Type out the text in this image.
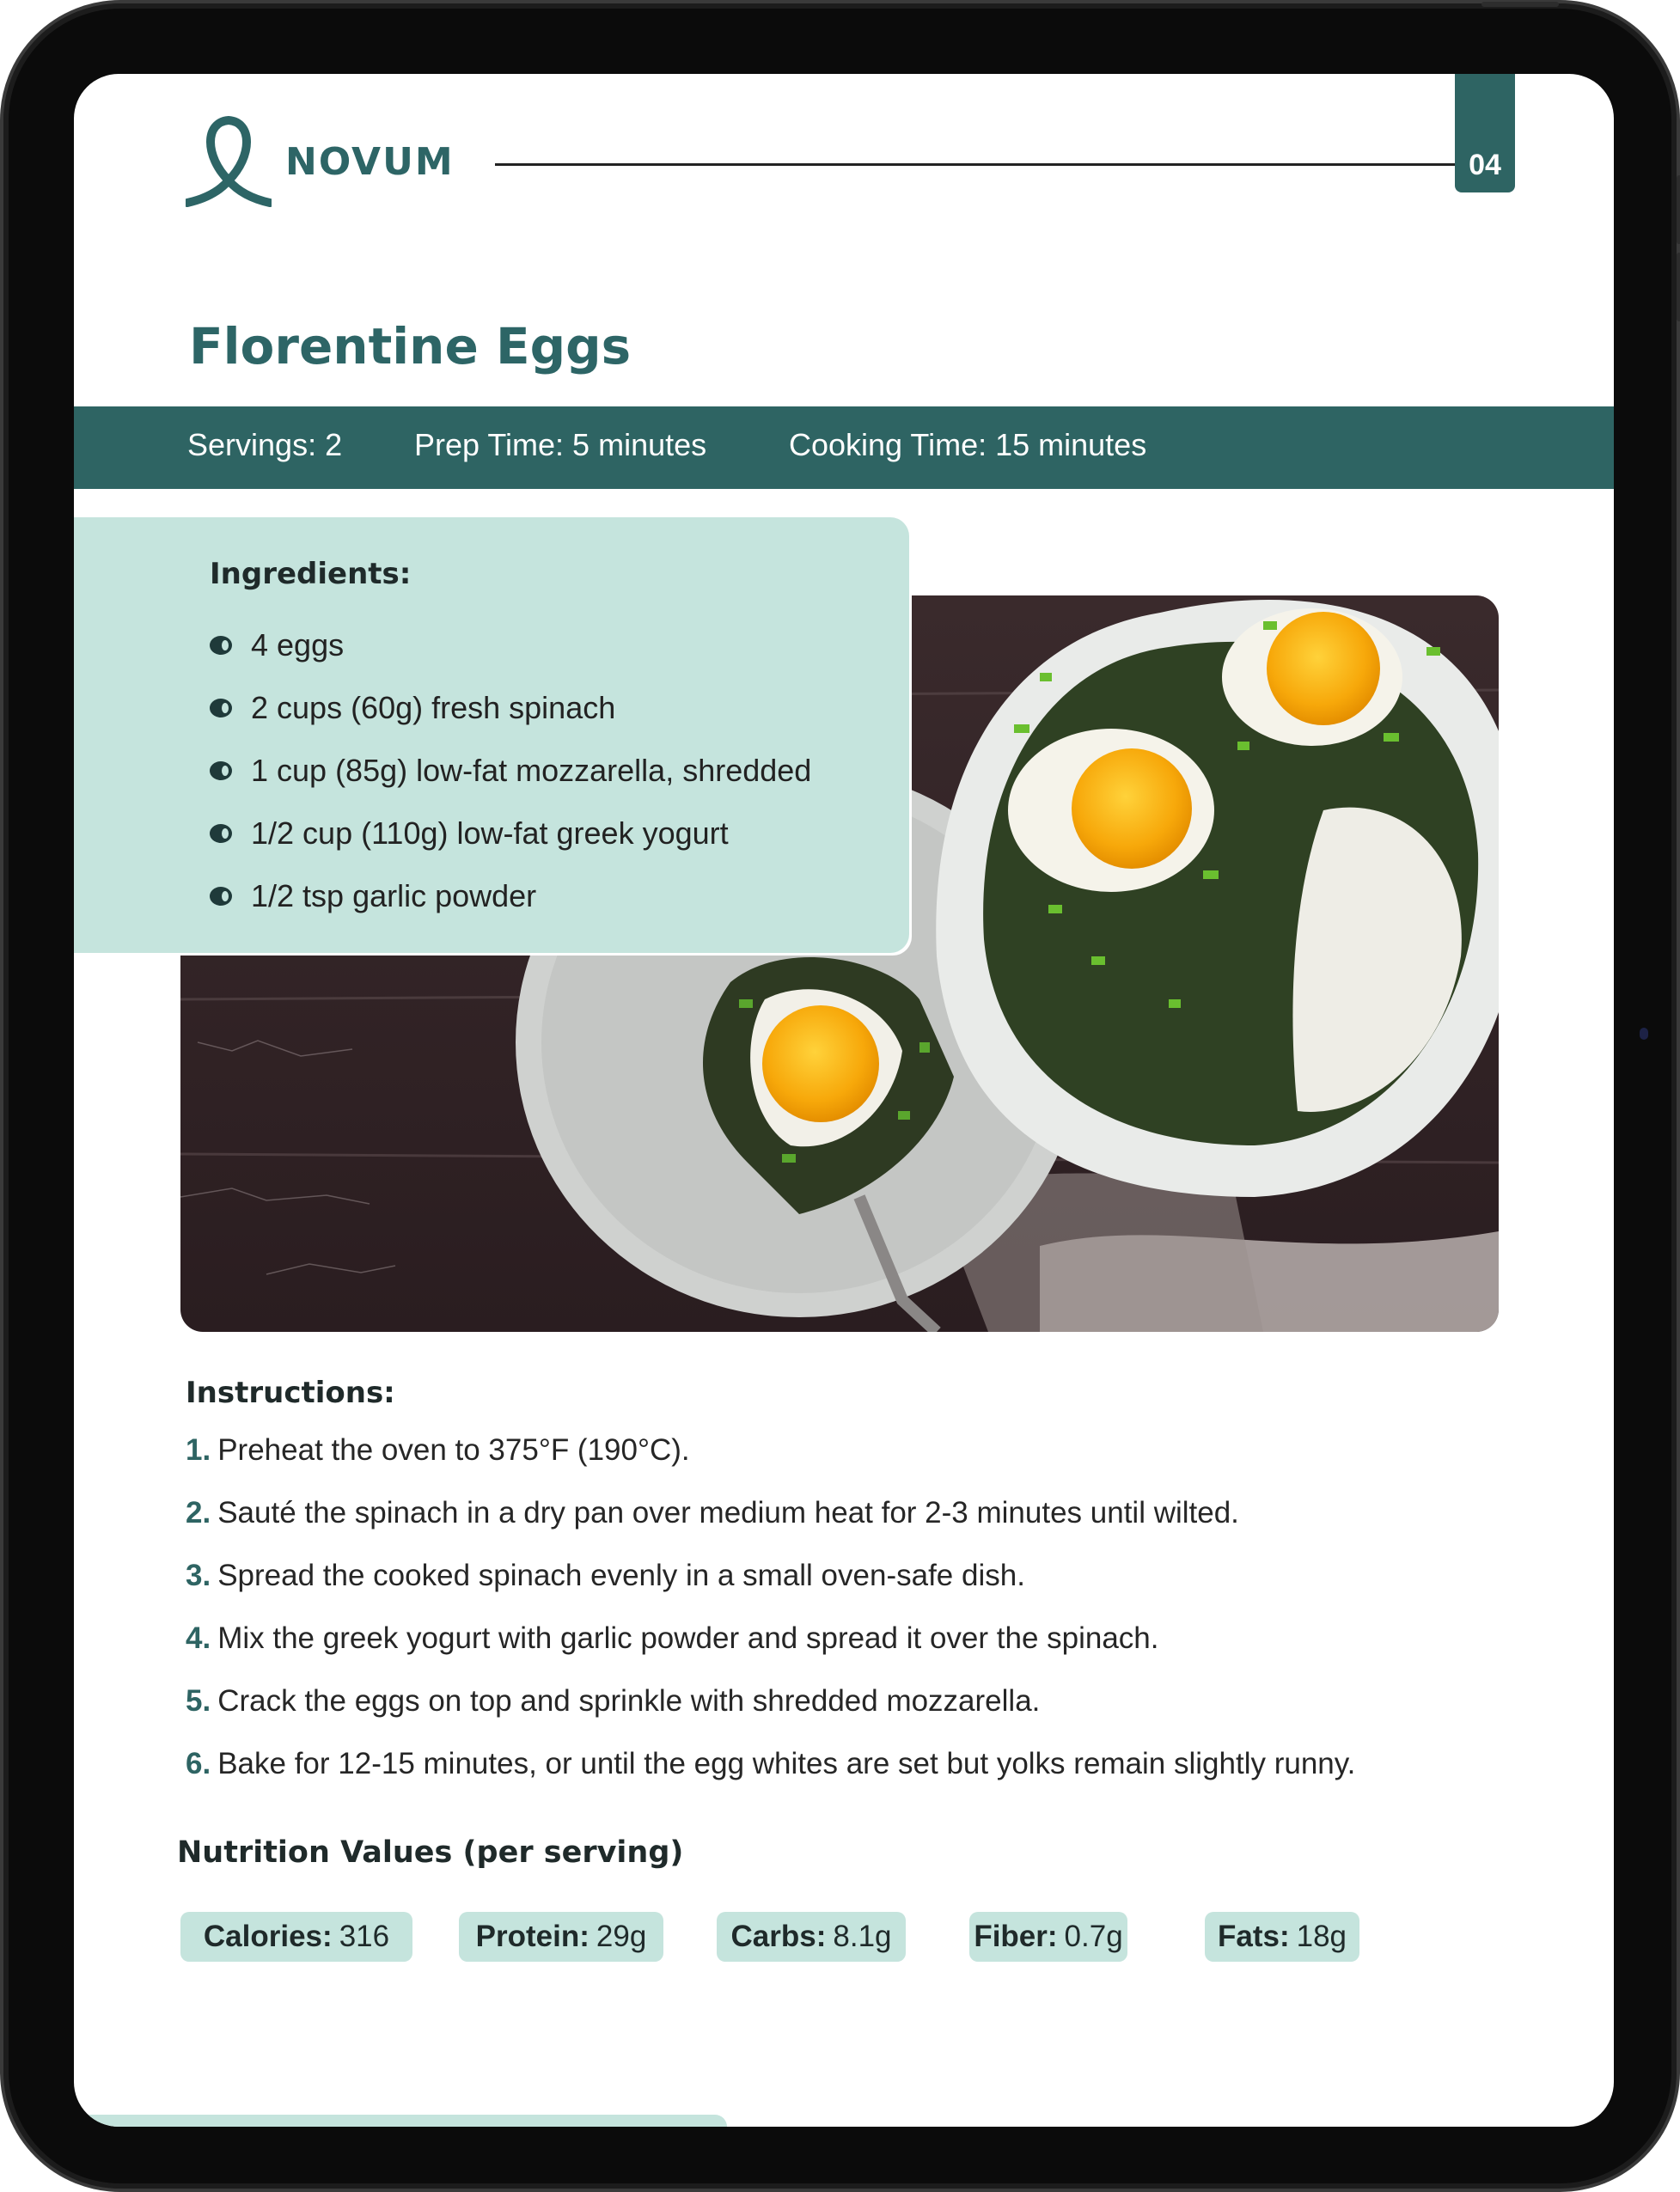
NOVUM	04
Florentine Eggs
Servings: 2 Prep Time: 5 minutes	Cooking Time: 15 minutes
Ingredients:
4 eggs
2 cups (60g) fresh spinach
1 cup (85g) low-fat mozzarella, shredded
1/2 cup (110g) low-fat greek yogurt
1/2 tsp garlic powder
Instructions:
1. Preheat the oven to 375°F (190°C).
2. Sauté the spinach in a dry pan over medium heat for 2-3 minutes until wilted.
3. Spread the cooked spinach evenly in a small oven-safe dish.
4. Mix the greek yogurt with garlic powder and spread it over the spinach.
5. Crack the eggs on top and sprinkle with shredded mozzarella.
6. Bake for 12-15 minutes, or until the egg whites are set but yolks remain slightly runny.
Nutrition Values (per serving)
Calories: 316	Protein: 29g	Carbs: 8.1g	Fiber: 0.7g	Fats: 18g
